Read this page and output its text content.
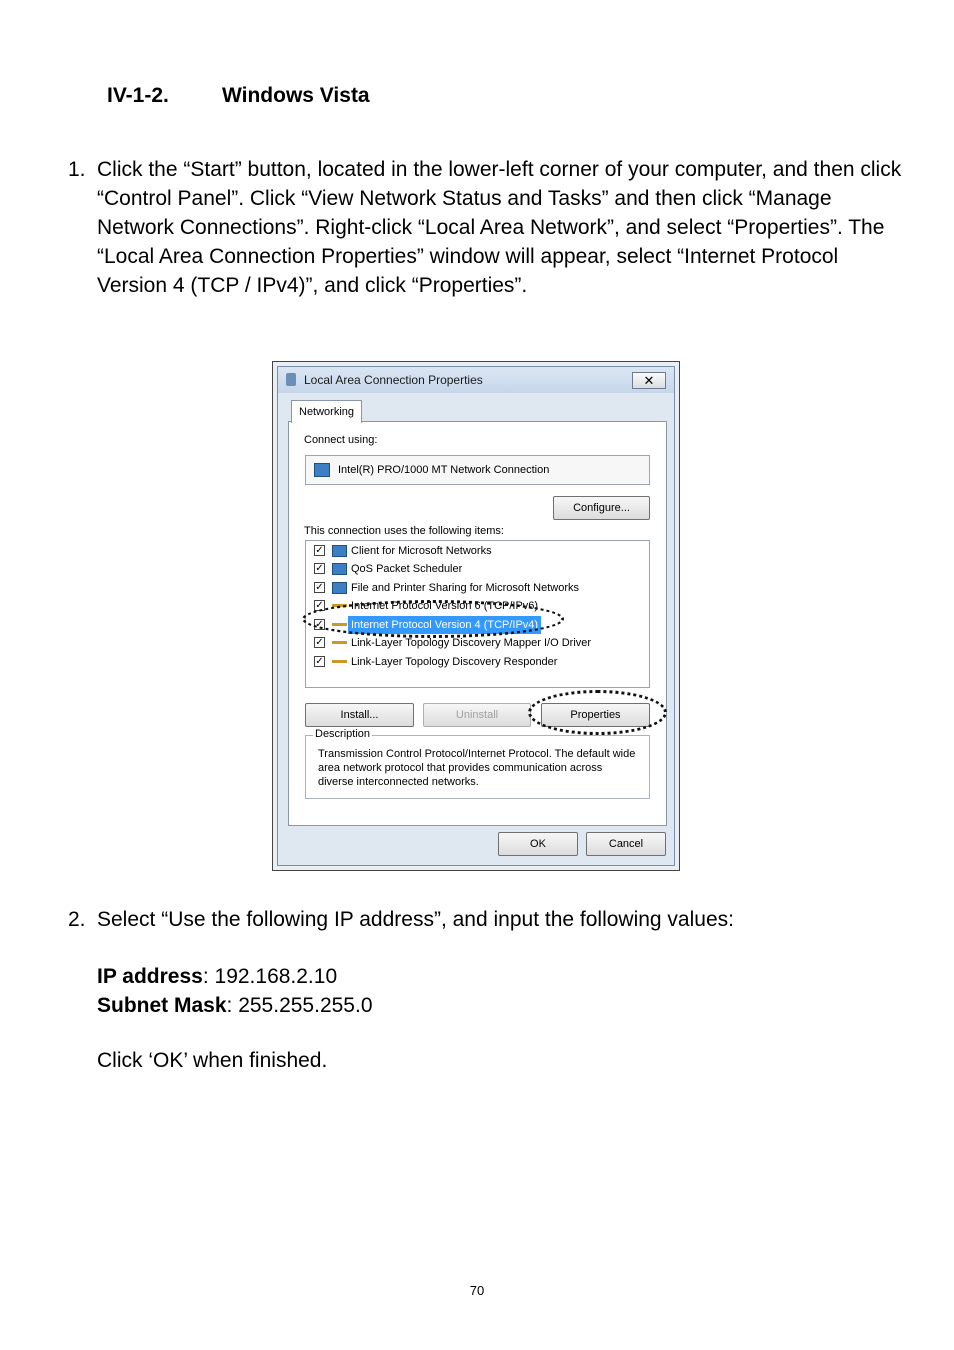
IV-1-2.	Windows Vista
1. Click the “Start” button, located in the lower-left corner of your computer, and then click “Control Panel”. Click “View Network Status and Tasks” and then click “Manage Network Connections”. Right-click “Local Area Network”, and select “Properties”. The “Local Area Connection Properties” window will appear, select “Internet Protocol Version 4 (TCP / IPv4)”, and click “Properties”.
Local Area Connection Properties	✕
Networking
Connect using:
Intel(R) PRO/1000 MT Network Connection
Configure...
This connection uses the following items:
✓ Client for Microsoft Networks
✓ QoS Packet Scheduler
✓ File and Printer Sharing for Microsoft Networks
✓ Internet Protocol Version 6 (TCP/IPv6)
✓ Internet Protocol Version 4 (TCP/IPv4)
✓ Link-Layer Topology Discovery Mapper I/O Driver
✓ Link-Layer Topology Discovery Responder
Install...	Uninstall	Properties
Description
Transmission Control Protocol/Internet Protocol. The default wide area network protocol that provides communication across diverse interconnected networks.
OK	Cancel
2. Select “Use the following IP address”, and input the following values:
IP address: 192.168.2.10
Subnet Mask: 255.255.255.0
Click ‘OK’ when finished.
70
